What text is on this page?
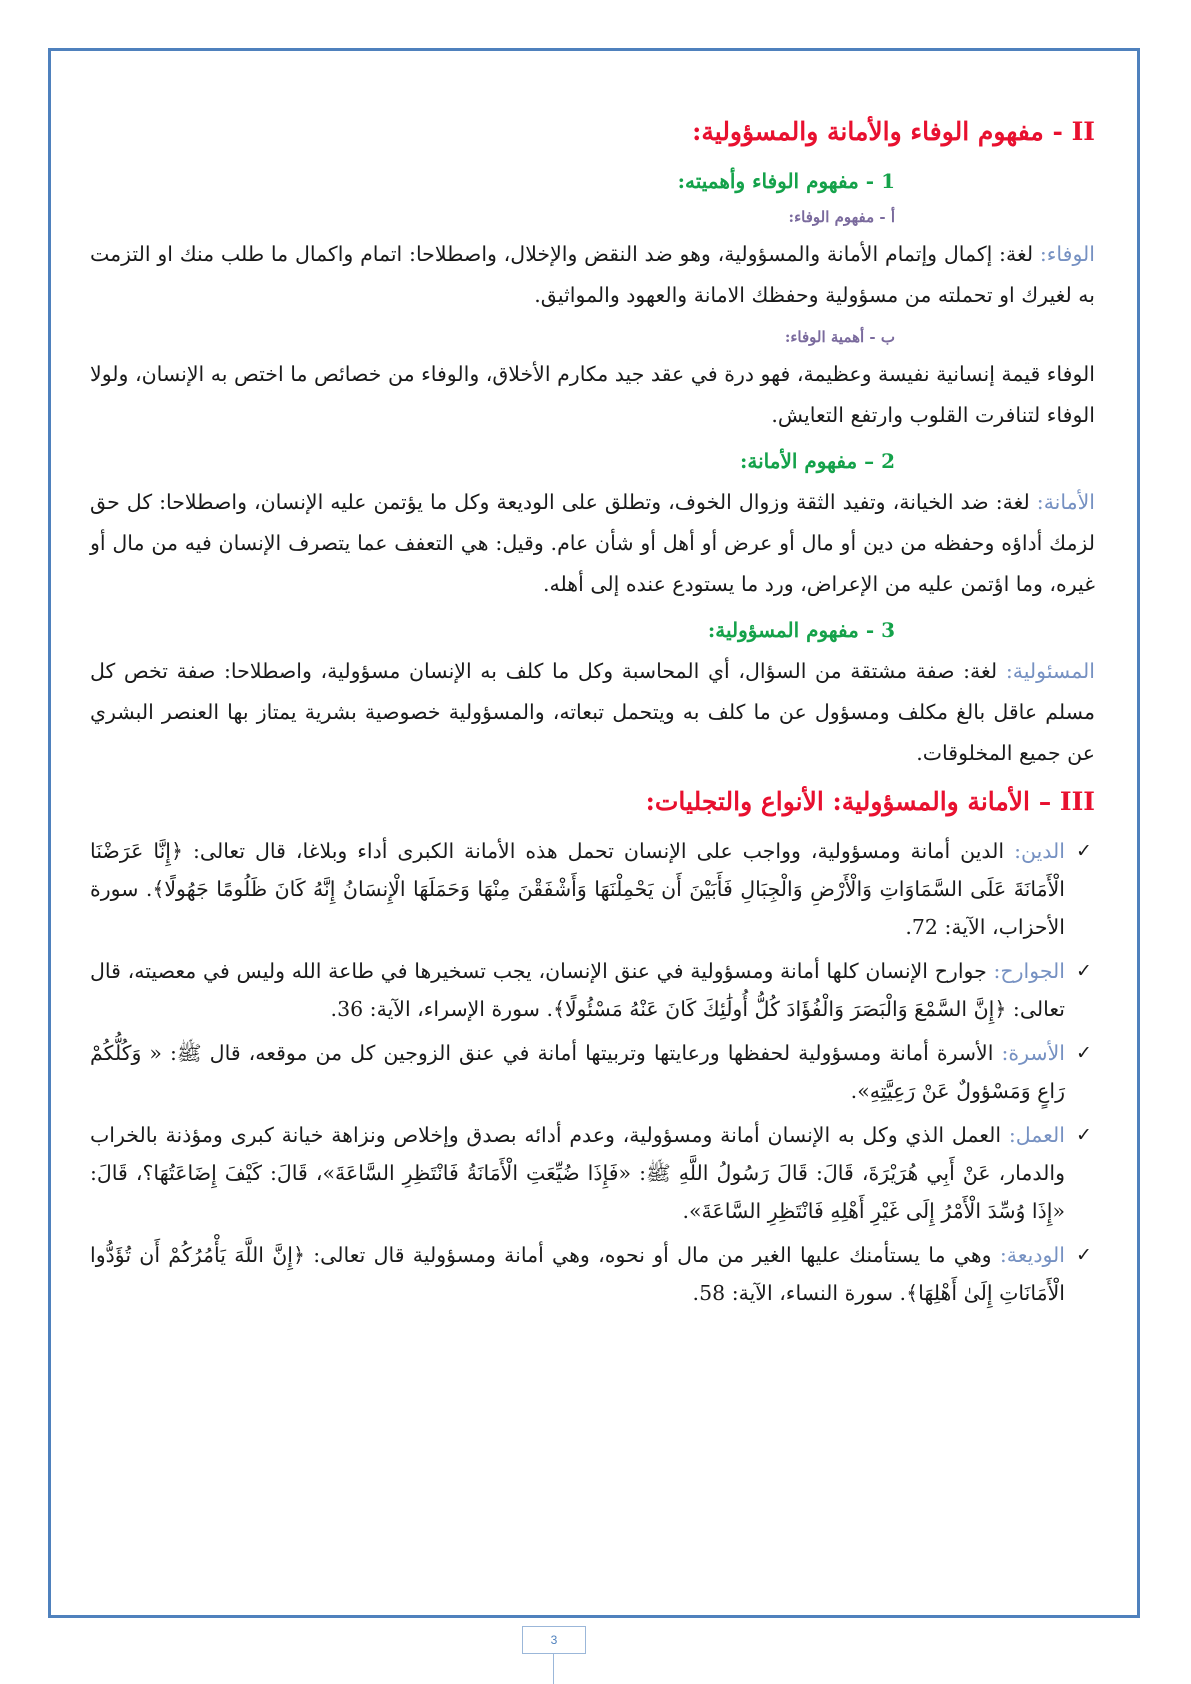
II - مفهوم الوفاء والأمانة والمسؤولية:
1 - مفهوم الوفاء وأهميته:
أ - مفهوم الوفاء:

الوفاء: لغة: إكمال وإتمام الأمانة والمسؤولية، وهو ضد النقض والإخلال، واصطلاحا: اتمام واكمال ما طلب منك او التزمت به لغيرك او تحملته من مسؤولية وحفظك الامانة والعهود والمواثيق.

ب - أهمية الوفاء:

الوفاء قيمة إنسانية نفيسة وعظيمة، فهو درة في عقد جيد مكارم الأخلاق، والوفاء من خصائص ما اختص به الإنسان، ولولا الوفاء لتنافرت القلوب وارتفع التعايش.

2 – مفهوم الأمانة:

الأمانة: لغة: ضد الخيانة، وتفيد الثقة وزوال الخوف، وتطلق على الوديعة وكل ما يؤتمن عليه الإنسان، واصطلاحا: كل حق لزمك أداؤه وحفظه من دين أو مال أو عرض أو أهل أو شأن عام. وقيل: هي التعفف عما يتصرف الإنسان فيه من مال أو غيره، وما اؤتمن عليه من الإعراض، ورد ما يستودع عنده إلى أهله.

3 - مفهوم المسؤولية:

المسئولية: لغة: صفة مشتقة من السؤال، أي المحاسبة وكل ما كلف به الإنسان مسؤولية، واصطلاحا: صفة تخص كل مسلم عاقل بالغ مكلف ومسؤول عن ما كلف به ويتحمل تبعاته، والمسؤولية خصوصية بشرية يمتاز بها العنصر البشري عن جميع المخلوقات.

III – الأمانة والمسؤولية: الأنواع والتجليات:
✓
الدين: الدين أمانة ومسؤولية، وواجب على الإنسان تحمل هذه الأمانة الكبرى أداء وبلاغا، قال تعالى: ﴿إِنَّا عَرَضْنَا الْأَمَانَةَ عَلَى السَّمَاوَاتِ وَالْأَرْضِ وَالْجِبَالِ فَأَبَيْنَ أَن يَحْمِلْنَهَا وَأَشْفَقْنَ مِنْهَا وَحَمَلَهَا الْإِنسَانُ إِنَّهُ كَانَ ظَلُومًا جَهُولًا﴾. سورة الأحزاب، الآية: 72.
✓
الجوارح: جوارح الإنسان كلها أمانة ومسؤولية في عنق الإنسان، يجب تسخيرها في طاعة الله وليس في معصيته، قال تعالى: ﴿إِنَّ السَّمْعَ وَالْبَصَرَ وَالْفُؤَادَ كُلُّ أُولَٰئِكَ كَانَ عَنْهُ مَسْئُولًا﴾. سورة الإسراء، الآية: 36.
✓
الأسرة: الأسرة أمانة ومسؤولية لحفظها ورعايتها وتربيتها أمانة في عنق الزوجين كل من موقعه، قال ﷺ: « وَكُلُّكُمْ رَاعٍ وَمَسْؤولٌ عَنْ رَعِيَّتِهِ».
✓
العمل: العمل الذي وكل به الإنسان أمانة ومسؤولية، وعدم أدائه بصدق وإخلاص ونزاهة خيانة كبرى ومؤذنة بالخراب والدمار، عَنْ أَبِي هُرَيْرَةَ، قَالَ: قَالَ رَسُولُ اللَّهِ ﷺ: «فَإِذَا ضُيِّعَتِ الْأَمَانَةُ فَانْتَظِرِ السَّاعَةَ»، قَالَ: كَيْفَ إِضَاعَتُهَا؟، قَالَ: «إِذَا وُسِّدَ الْأَمْرُ إِلَى غَيْرِ أَهْلِهِ فَانْتَظِرِ السَّاعَةَ».
✓
الوديعة: وهي ما يستأمنك عليها الغير من مال أو نحوه، وهي أمانة ومسؤولية قال تعالى: ﴿إِنَّ اللَّهَ يَأْمُرُكُمْ أَن تُؤَدُّوا الْأَمَانَاتِ إِلَىٰ أَهْلِهَا﴾. سورة النساء، الآية: 58.
3
